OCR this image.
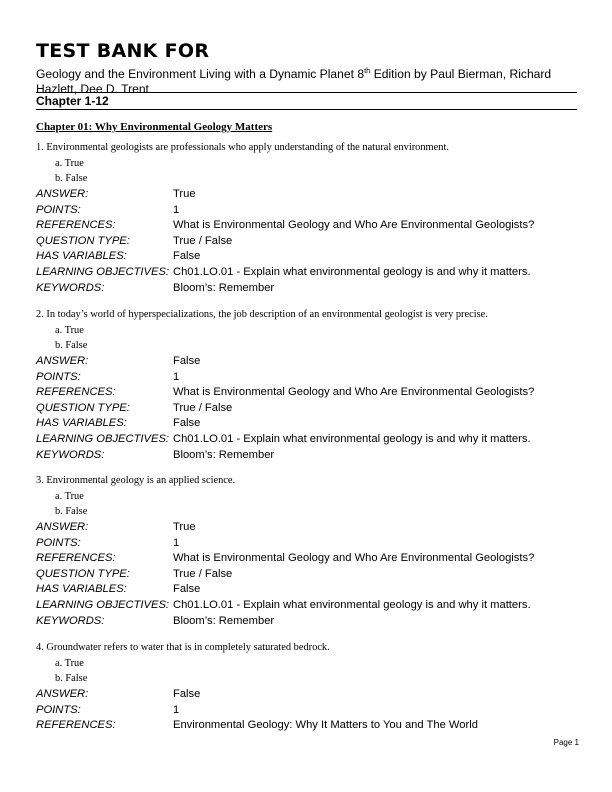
TEST BANK FOR
Geology and the Environment Living with a Dynamic Planet 8th Edition by Paul Bierman, Richard Hazlett, Dee D. Trent
Chapter 1-12
Chapter 01: Why Environmental Geology Matters
1. Environmental geologists are professionals who apply understanding of the natural environment.
a. True
b. False
ANSWER:	True
POINTS:	1
REFERENCES:	What is Environmental Geology and Who Are Environmental Geologists?
QUESTION TYPE:	True / False
HAS VARIABLES:	False
LEARNING OBJECTIVES: Ch01.LO.01 - Explain what environmental geology is and why it matters.
KEYWORDS:	Bloom’s: Remember
2. In today’s world of hyperspecializations, the job description of an environmental geologist is very precise.
a. True
b. False
ANSWER:	False
POINTS:	1
REFERENCES:	What is Environmental Geology and Who Are Environmental Geologists?
QUESTION TYPE:	True / False
HAS VARIABLES:	False
LEARNING OBJECTIVES: Ch01.LO.01 - Explain what environmental geology is and why it matters.
KEYWORDS:	Bloom’s: Remember
3. Environmental geology is an applied science.
a. True
b. False
ANSWER:	True
POINTS:	1
REFERENCES:	What is Environmental Geology and Who Are Environmental Geologists?
QUESTION TYPE:	True / False
HAS VARIABLES:	False
LEARNING OBJECTIVES: Ch01.LO.01 - Explain what environmental geology is and why it matters.
KEYWORDS:	Bloom’s: Remember
4. Groundwater refers to water that is in completely saturated bedrock.
a. True
b. False
ANSWER:	False
POINTS:	1
REFERENCES:	Environmental Geology: Why It Matters to You and The World
Page 1
